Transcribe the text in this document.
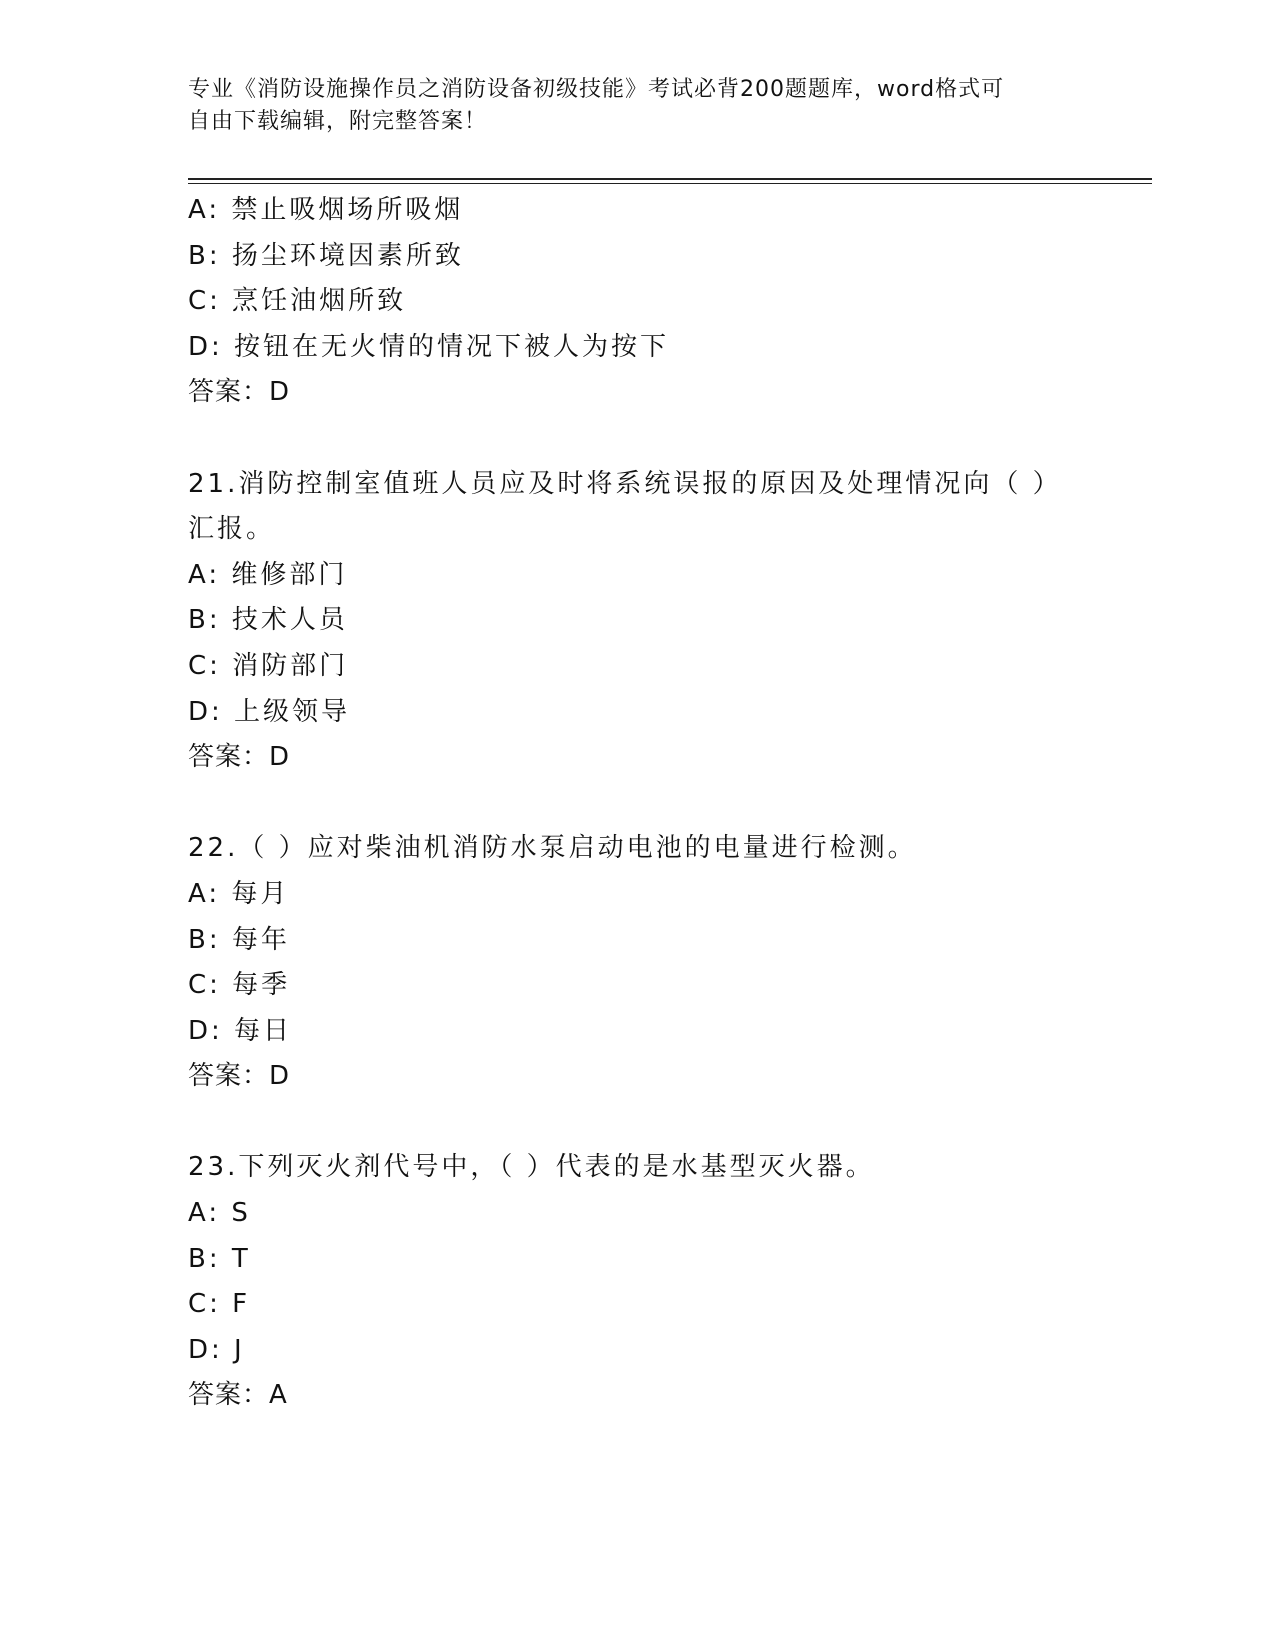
专业《消防设施操作员之消防设备初级技能》考试必背200题题库，word格式可
自由下载编辑，附完整答案！
A: 禁止吸烟场所吸烟
B: 扬尘环境因素所致
C: 烹饪油烟所致
D: 按钮在无火情的情况下被人为按下
答案：D
21.消防控制室值班人员应及时将系统误报的原因及处理情况向（ ）
汇报。
A: 维修部门
B: 技术人员
C: 消防部门
D: 上级领导
答案：D
22.（ ）应对柴油机消防水泵启动电池的电量进行检测。
A: 每月
B: 每年
C: 每季
D: 每日
答案：D
23.下列灭火剂代号中，（ ）代表的是水基型灭火器。
A: S
B: T
C: F
D: J
答案：A
